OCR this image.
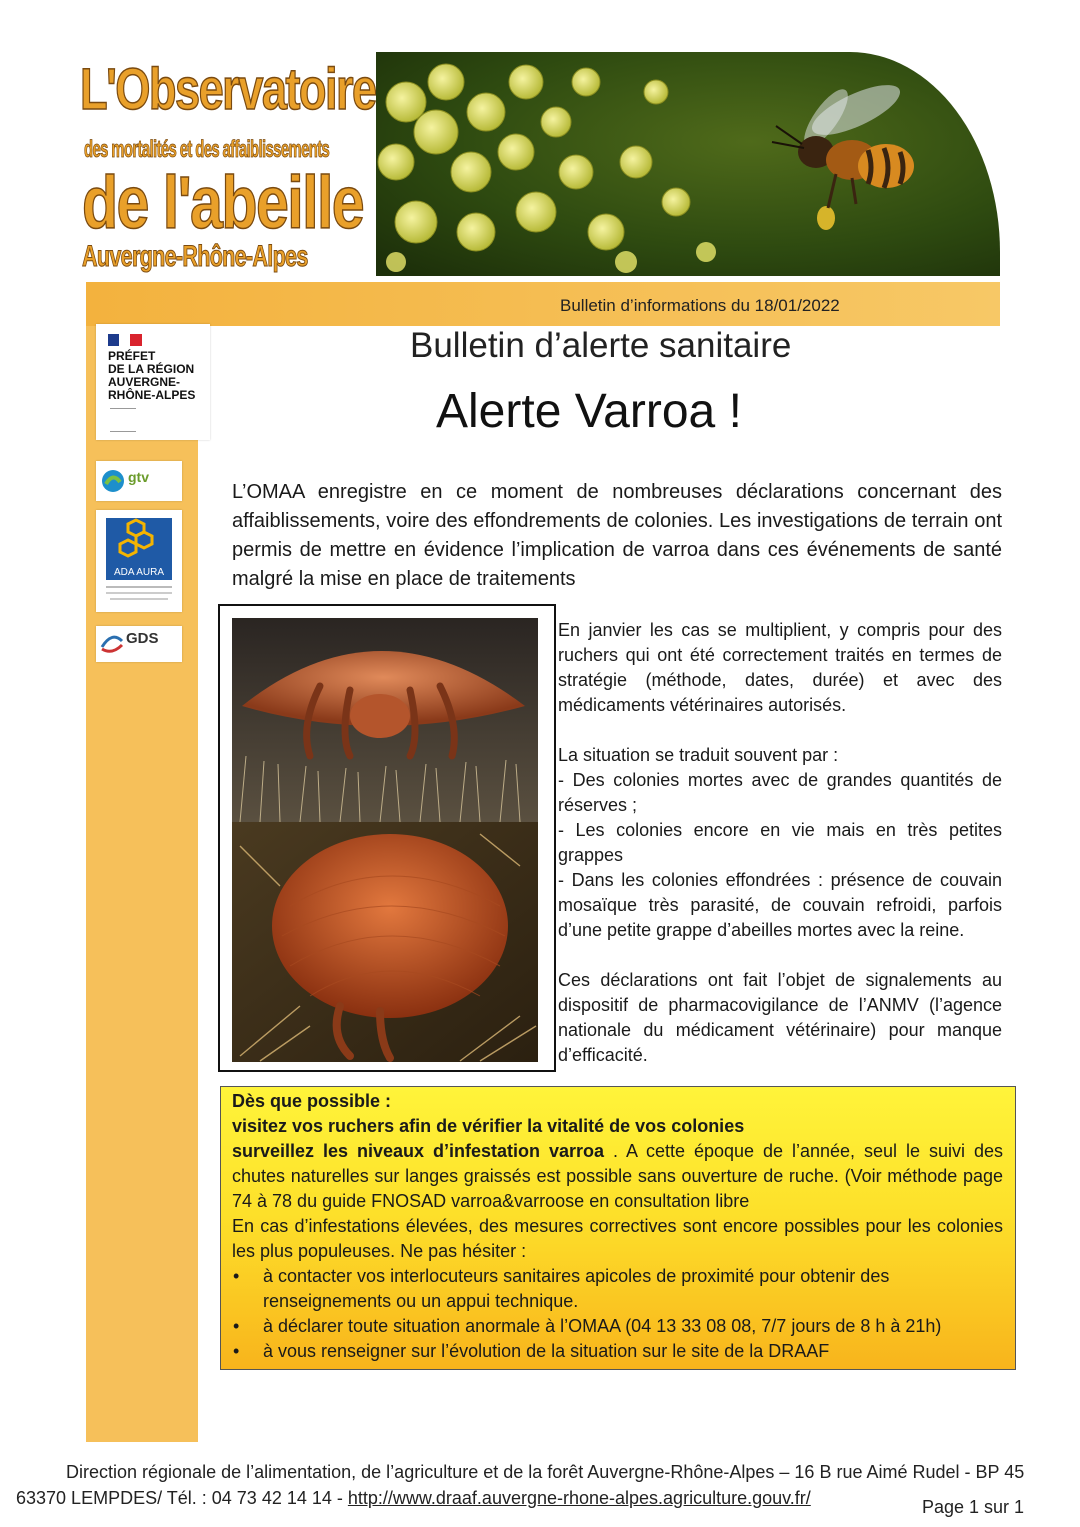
L'Observatoire
des mortalités et des affaiblissements
de l'abeille
Auvergne-Rhône-Alpes
Bulletin d’informations du 18/01/2022
Bulletin d’alerte sanitaire
Alerte Varroa !
PRÉFET
DE LA RÉGION
AUVERGNE-
RHÔNE-ALPES
gtv
ADA AURA
GDS
L’OMAA enregistre en ce moment de nombreuses déclarations concernant des affaiblissements, voire des effondrements de colonies. Les investigations de terrain ont permis de mettre en évidence l’implication de varroa dans ces événements de santé malgré la mise en place de traitements

En janvier les cas se multiplient, y compris pour des ruchers qui ont été correctement traités en termes de stratégie (méthode, dates, durée) et avec des médicaments vétérinaires autorisés.

La situation se traduit souvent par :

- Des colonies mortes avec de grandes quantités de réserves ;

- Les colonies encore en vie mais en très petites grappes

- Dans les colonies effondrées : présence de couvain mosaïque très parasité, de couvain refroidi, parfois d’une petite grappe d’abeilles mortes avec la reine.

Ces déclarations ont fait l’objet de signalements au dispositif de pharmacovigilance de l’ANMV (l’agence nationale du médicament vétérinaire) pour manque d’efficacité.

Dès que possible :
visitez vos ruchers afin de vérifier la vitalité de vos colonies
surveillez les niveaux d’infestation varroa . A cette époque de l’année, seul le suivi des chutes naturelles sur langes graissés est possible sans ouverture de ruche. (Voir méthode page 74 à 78 du guide FNOSAD varroa&varroose en consultation libre
En cas d’infestations élevées, des mesures correctives sont encore possibles pour les colonies les plus populeuses. Ne pas hésiter :
• à contacter vos interlocuteurs sanitaires apicoles de proximité pour obtenir des renseignements ou un appui technique.
• à déclarer toute situation anormale à l’OMAA (04 13 33 08 08, 7/7 jours de 8 h à 21h)
• à vous renseigner sur l’évolution de la situation sur le site de la DRAAF
Direction régionale de l’alimentation, de l’agriculture et de la forêt Auvergne-Rhône-Alpes – 16 B rue Aimé Rudel - BP 45
63370 LEMPDES/ Tél. : 04 73 42 14 14 - http://www.draaf.auvergne-rhone-alpes.agriculture.gouv.fr/	Page 1 sur 1
